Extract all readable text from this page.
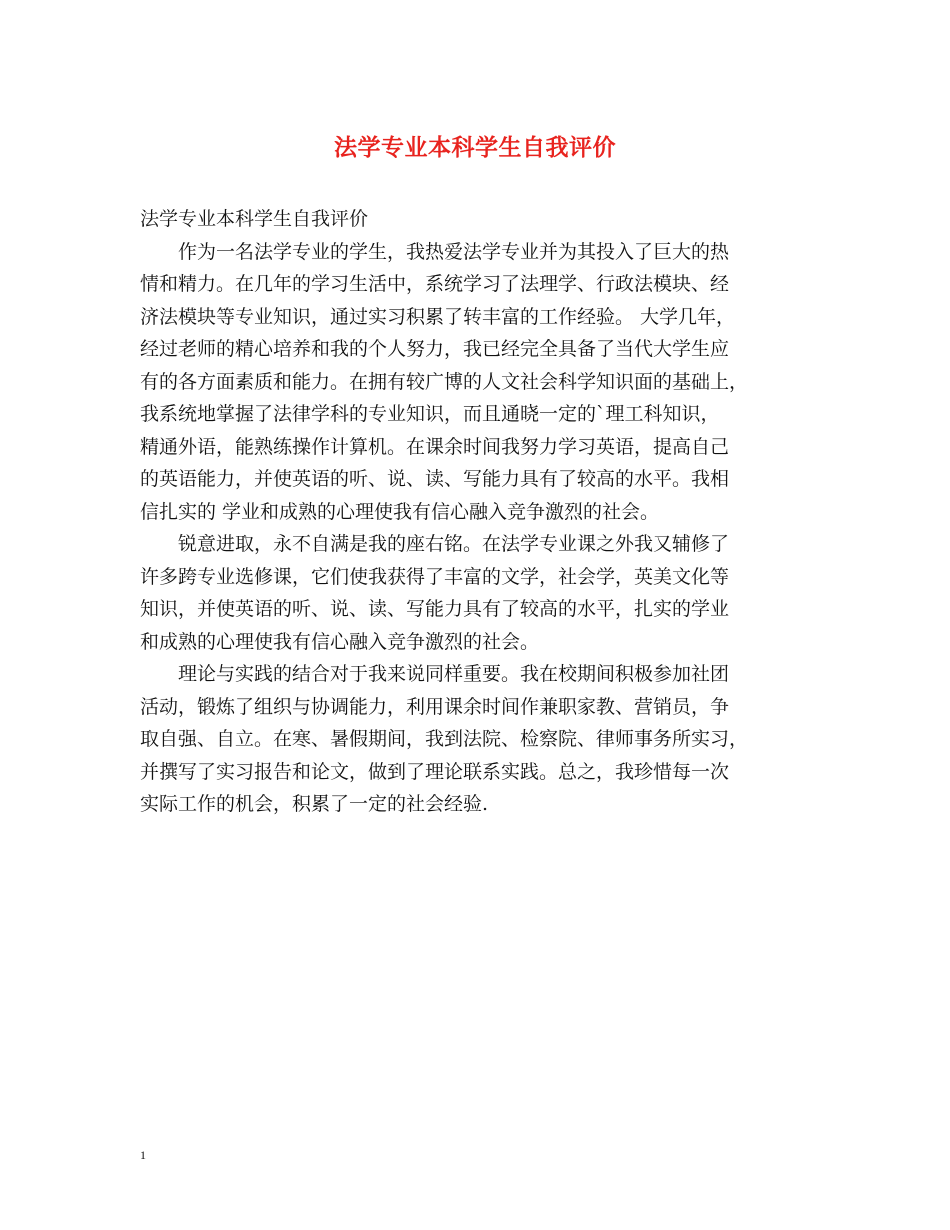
法学专业本科学生自我评价
法学专业本科学生自我评价
作为一名法学专业的学生，我热爱法学专业并为其投入了巨大的热
情和精力。在几年的学习生活中，系统学习了法理学、行政法模块、经
济法模块等专业知识，通过实习积累了转丰富的工作经验。 大学几年，
经过老师的精心培养和我的个人努力，我已经完全具备了当代大学生应
有的各方面素质和能力。在拥有较广博的人文社会科学知识面的基础上，
我系统地掌握了法律学科的专业知识，而且通晓一定的`理工科知识，
精通外语，能熟练操作计算机。在课余时间我努力学习英语，提高自己
的英语能力，并使英语的听、说、读、写能力具有了较高的水平。我相
信扎实的 学业和成熟的心理使我有信心融入竞争激烈的社会。
锐意进取，永不自满是我的座右铭。在法学专业课之外我又辅修了
许多跨专业选修课，它们使我获得了丰富的文学，社会学，英美文化等
知识，并使英语的听、说、读、写能力具有了较高的水平，扎实的学业
和成熟的心理使我有信心融入竞争激烈的社会。
理论与实践的结合对于我来说同样重要。我在校期间积极参加社团
活动，锻炼了组织与协调能力，利用课余时间作兼职家教、营销员，争
取自强、自立。在寒、暑假期间，我到法院、检察院、律师事务所实习，
并撰写了实习报告和论文，做到了理论联系实践。总之，我珍惜每一次
实际工作的机会，积累了一定的社会经验.
1
